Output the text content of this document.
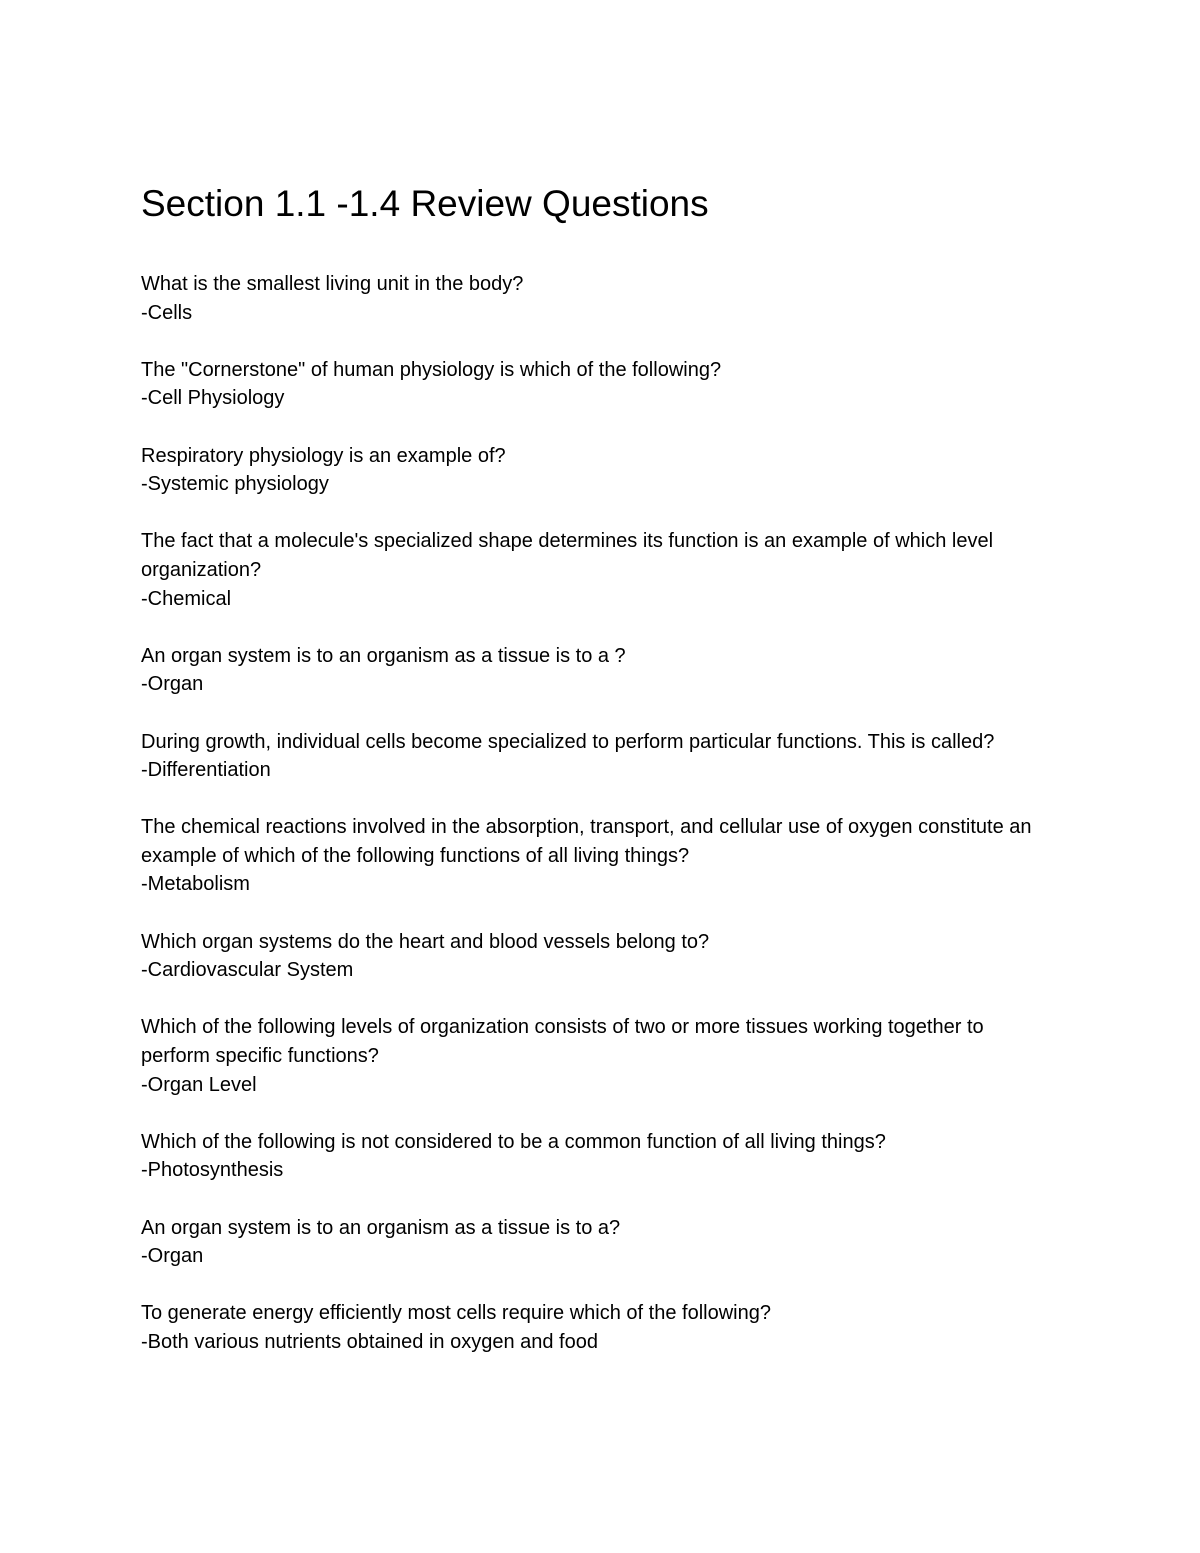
Section 1.1 -1.4 Review Questions

What is the smallest living unit in the body?

-Cells

The "Cornerstone" of human physiology is which of the following?

-Cell Physiology

Respiratory physiology is an example of?

-Systemic physiology

The fact that a molecule's specialized shape determines its function is an example of which level organization?

-Chemical

An organ system is to an organism as a tissue is to a ?

-Organ

During growth, individual cells become specialized to perform particular functions. This is called?

-Differentiation

The chemical reactions involved in the absorption, transport, and cellular use of oxygen constitute an example of which of the following functions of all living things?

-Metabolism

Which organ systems do the heart and blood vessels belong to?

-Cardiovascular System

Which of the following levels of organization consists of two or more tissues working together to perform specific functions?

-Organ Level

Which of the following is not considered to be a common function of all living things?

-Photosynthesis

An organ system is to an organism as a tissue is to a?

-Organ

To generate energy efficiently most cells require which of the following?

-Both various nutrients obtained in oxygen and food
